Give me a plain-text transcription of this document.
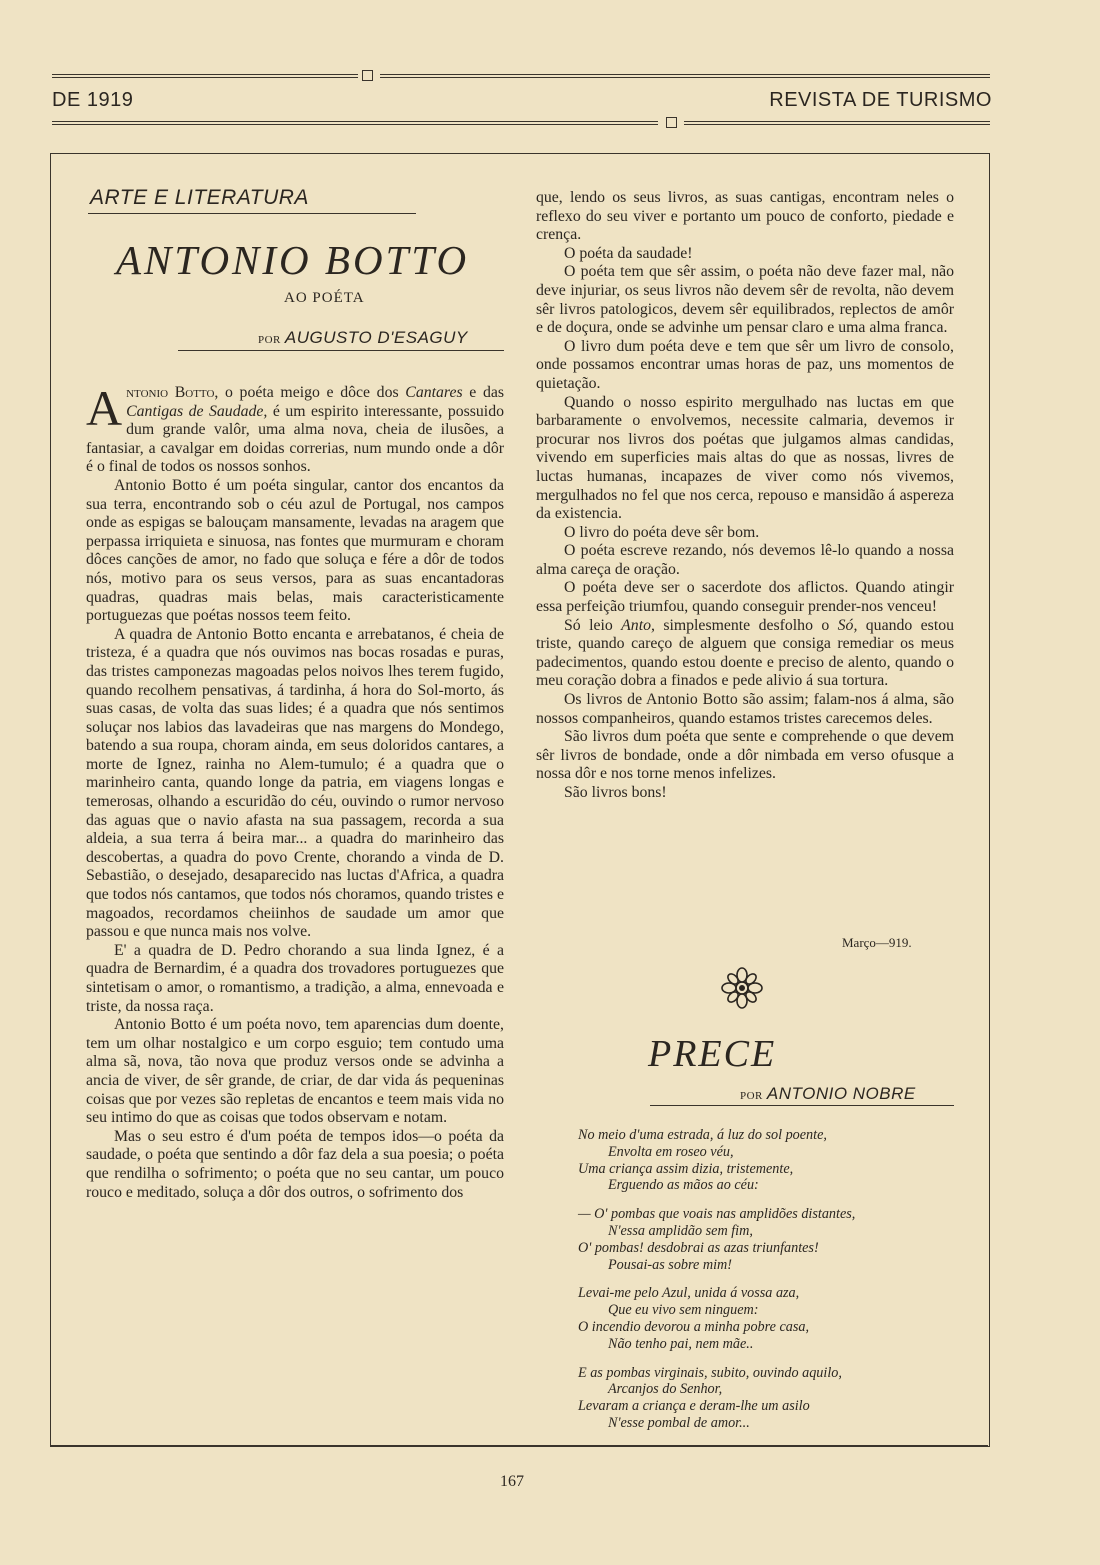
DE 1919	REVISTA DE TURISMO
ARTE E LITERATURA
ANTONIO BOTTO
AO POÉTA
POR AUGUSTO D'ESAGUY

Antonio Botto, o poéta meigo e dôce dos Cantares e das Cantigas de Saudade, é um espirito interessante, possuido dum grande valôr, uma alma nova, cheia de ilusões, a fantasiar, a cavalgar em doidas correrias, num mundo onde a dôr é o final de todos os nossos sonhos.

Antonio Botto é um poéta singular, cantor dos encantos da sua terra, encontrando sob o céu azul de Portugal, nos campos onde as espigas se balouçam mansamente, levadas na aragem que perpassa irriquieta e sinuosa, nas fontes que murmuram e choram dôces canções de amor, no fado que soluça e fére a dôr de todos nós, motivo para os seus versos, para as suas encantadoras quadras, quadras mais belas, mais caracteristicamente portuguezas que poétas nossos teem feito.

A quadra de Antonio Botto encanta e arrebatanos, é cheia de tristeza, é a quadra que nós ouvimos nas bocas rosadas e puras, das tristes camponezas magoadas pelos noivos lhes terem fugido, quando recolhem pensativas, á tardinha, á hora do Sol-morto, ás suas casas, de volta das suas lides; é a quadra que nós sentimos soluçar nos labios das lavadeiras que nas margens do Mondego, batendo a sua roupa, choram ainda, em seus doloridos cantares, a morte de Ignez, rainha no Alem-tumulo; é a quadra que o marinheiro canta, quando longe da patria, em viagens longas e temerosas, olhando a escuridão do céu, ouvindo o rumor nervoso das aguas que o navio afasta na sua passagem, recorda a sua aldeia, a sua terra á beira mar... a quadra do marinheiro das descobertas, a quadra do povo Crente, chorando a vinda de D. Sebastião, o desejado, desaparecido nas luctas d'Africa, a quadra que todos nós cantamos, que todos nós choramos, quando tristes e magoados, recordamos cheiinhos de saudade um amor que passou e que nunca mais nos volve.

E' a quadra de D. Pedro chorando a sua linda Ignez, é a quadra de Bernardim, é a quadra dos trovadores portuguezes que sintetisam o amor, o romantismo, a tradição, a alma, ennevoada e triste, da nossa raça.

Antonio Botto é um poéta novo, tem aparencias dum doente, tem um olhar nostalgico e um corpo esguio; tem contudo uma alma sã, nova, tão nova que produz versos onde se advinha a ancia de viver, de sêr grande, de criar, de dar vida ás pequeninas coisas que por vezes são repletas de encantos e teem mais vida no seu intimo do que as coisas que todos observam e notam.

Mas o seu estro é d'um poéta de tempos idos—o poéta da saudade, o poéta que sentindo a dôr faz dela a sua poesia; o poéta que rendilha o sofrimento; o poéta que no seu cantar, um pouco rouco e meditado, soluça a dôr dos outros, o sofrimento dos

que, lendo os seus livros, as suas cantigas, encontram neles o reflexo do seu viver e portanto um pouco de conforto, piedade e crença.

O poéta da saudade!

O poéta tem que sêr assim, o poéta não deve fazer mal, não deve injuriar, os seus livros não devem sêr de revolta, não devem sêr livros patologicos, devem sêr equilibrados, replectos de amôr e de doçura, onde se advinhe um pensar claro e uma alma franca.

O livro dum poéta deve e tem que sêr um livro de consolo, onde possamos encontrar umas horas de paz, uns momentos de quietação.

Quando o nosso espirito mergulhado nas luctas em que barbaramente o envolvemos, necessite calmaria, devemos ir procurar nos livros dos poétas que julgamos almas candidas, vivendo em superficies mais altas do que as nossas, livres de luctas humanas, incapazes de viver como nós vivemos, mergulhados no fel que nos cerca, repouso e mansidão á aspereza da existencia.

O livro do poéta deve sêr bom.

O poéta escreve rezando, nós devemos lê-lo quando a nossa alma careça de oração.

O poéta deve ser o sacerdote dos aflictos. Quando atingir essa perfeição triumfou, quando conseguir prender-nos venceu!

Só leio Anto, simplesmente desfolho o Só, quando estou triste, quando careço de alguem que consiga remediar os meus padecimentos, quando estou doente e preciso de alento, quando o meu coração dobra a finados e pede alivio á sua tortura.

Os livros de Antonio Botto são assim; falam-nos á alma, são nossos companheiros, quando estamos tristes carecemos deles.

São livros dum poéta que sente e comprehende o que devem sêr livros de bondade, onde a dôr nimbada em verso ofusque a nossa dôr e nos torne menos infelizes.

São livros bons!

Março—919.
PRECE
POR ANTONIO NOBRE
No meio d'uma estrada, á luz do sol poente,
Envolta em roseo véu,
Uma criança assim dizia, tristemente,
Erguendo as mãos ao céu:
— O' pombas que voais nas amplidões distantes,
N'essa amplidão sem fim,
O' pombas! desdobrai as azas triunfantes!
Pousai-as sobre mim!
Levai-me pelo Azul, unida á vossa aza,
Que eu vivo sem ninguem:
O incendio devorou a minha pobre casa,
Não tenho pai, nem mãe..
E as pombas virginais, subito, ouvindo aquilo,
Arcanjos do Senhor,
Levaram a criança e deram-lhe um asilo
N'esse pombal de amor...
167
